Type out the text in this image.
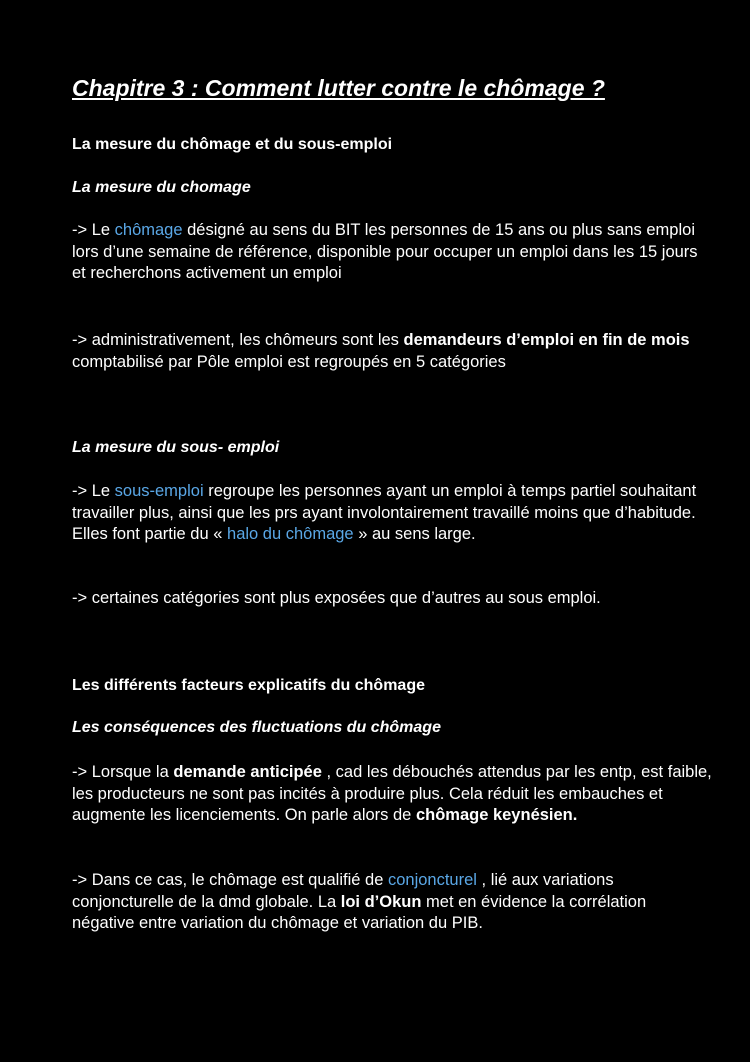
Chapitre 3 : Comment lutter contre le chômage ?
La mesure du chômage et du sous-emploi
La mesure du chomage

-> Le chômage désigné au sens du BIT les personnes de 15 ans ou plus sans emploi lors d’une semaine de référence, disponible pour occuper un emploi dans les 15 jours et recherchons activement un emploi

-> administrativement, les chômeurs sont les demandeurs d’emploi en fin de mois comptabilisé par Pôle emploi est regroupés en 5 catégories

La mesure du sous- emploi

-> Le sous-emploi regroupe les personnes ayant un emploi à temps partiel souhaitant travailler plus, ainsi que les prs ayant involontairement travaillé moins que d’habitude. Elles font partie du « halo du chômage » au sens large.

-> certaines catégories sont plus exposées que d’autres au sous emploi.

Les différents facteurs explicatifs du chômage
Les conséquences des fluctuations du chômage

-> Lorsque la demande anticipée , cad les débouchés attendus par les entp, est faible, les producteurs ne sont pas incités à produire plus. Cela réduit les embauches et augmente les licenciements. On parle alors de chômage keynésien.

-> Dans ce cas, le chômage est qualifié de conjoncturel , lié aux variations conjoncturelle de la dmd globale. La loi d’Okun met en évidence la corrélation négative entre variation du chômage et variation du PIB.
